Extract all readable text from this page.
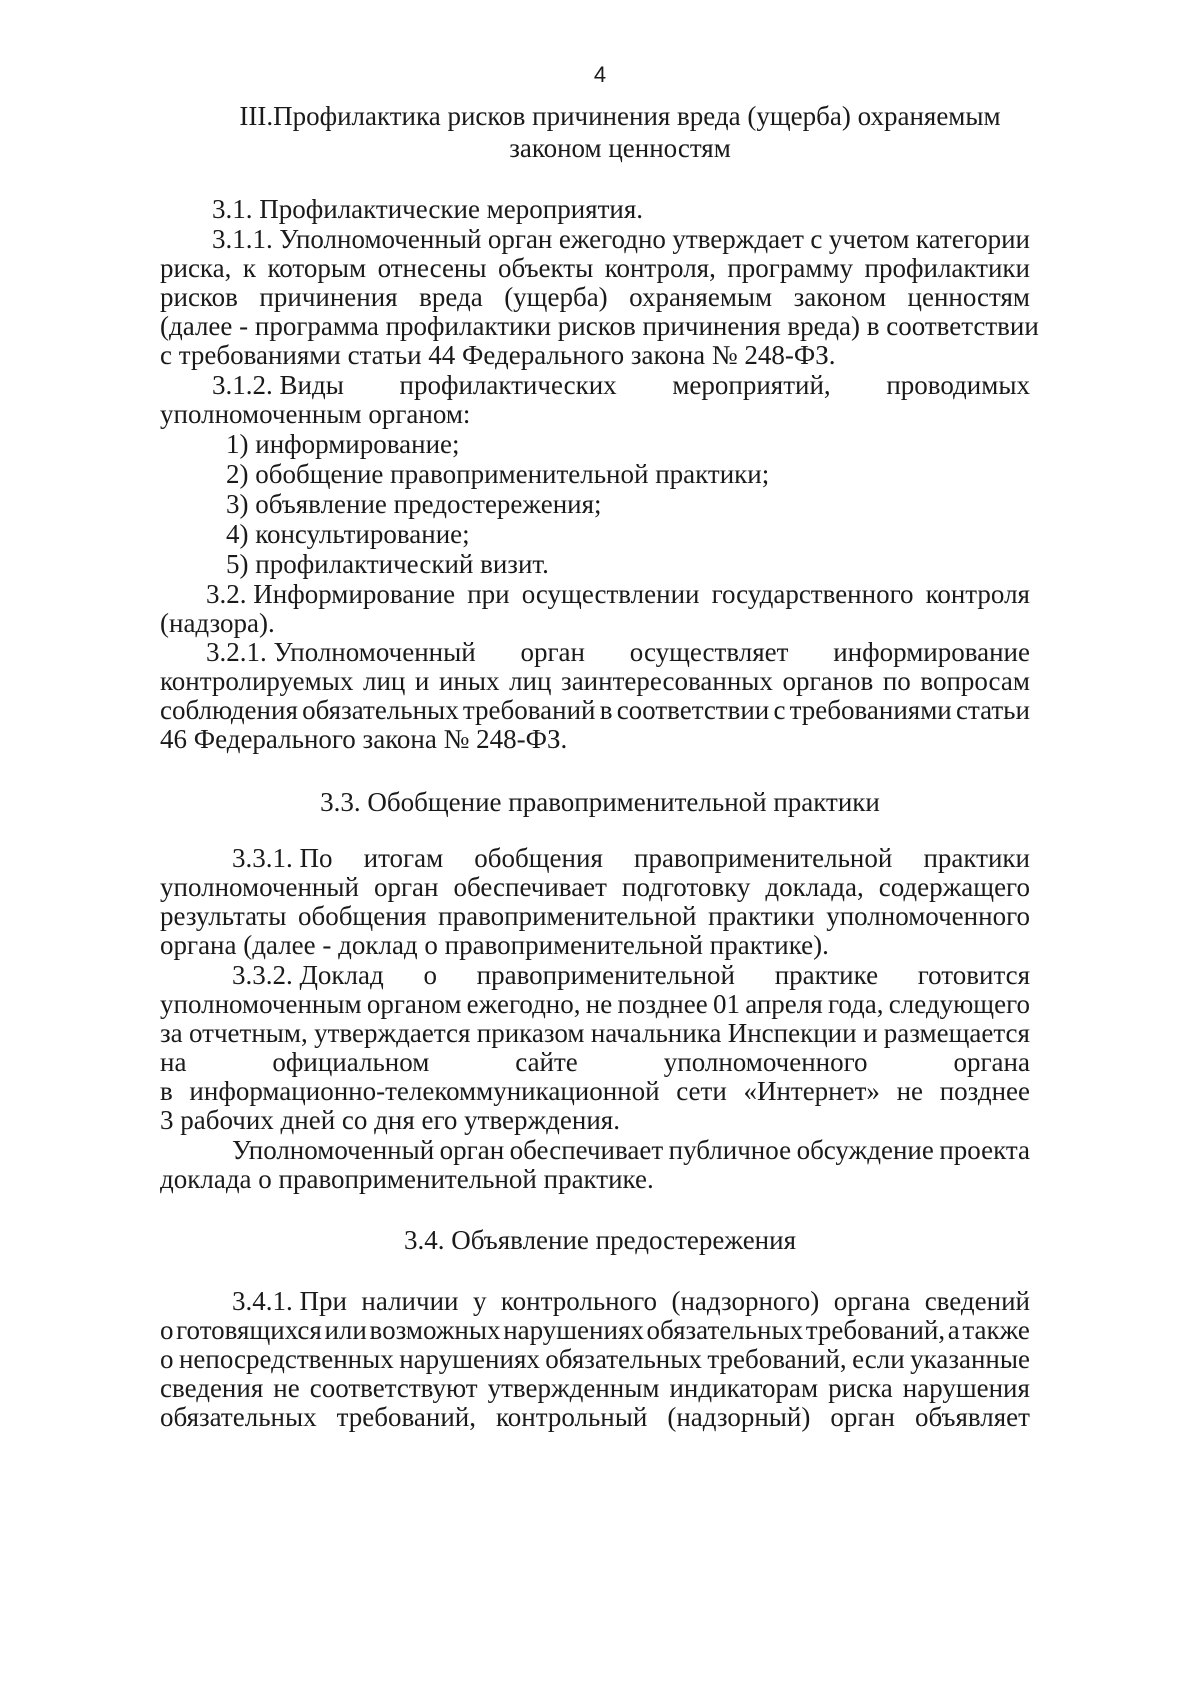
4
III.Профилактика рисков причинения вреда (ущерба) охраняемым
законом ценностям
3.1. Профилактические мероприятия.
3.1.1. Уполномоченный орган ежегодно утверждает с учетом категории
риска, к которым отнесены объекты контроля, программу профилактики
рисков причинения вреда (ущерба) охраняемым законом ценностям
(далее - программа профилактики рисков причинения вреда) в соответствии
с требованиями статьи 44 Федерального закона № 248-ФЗ.
3.1.2. Виды профилактических мероприятий, проводимых
уполномоченным органом:
1) информирование;
2) обобщение правоприменительной практики;
3) объявление предостережения;
4) консультирование;
5) профилактический визит.
3.2. Информирование при осуществлении государственного контроля
(надзора).
3.2.1. Уполномоченный орган осуществляет информирование
контролируемых лиц и иных лиц заинтересованных органов по вопросам
соблюдения обязательных требований в соответствии с требованиями статьи
46 Федерального закона № 248-ФЗ.
3.3. Обобщение правоприменительной практики
3.3.1. По итогам обобщения правоприменительной практики
уполномоченный орган обеспечивает подготовку доклада, содержащего
результаты обобщения правоприменительной практики уполномоченного
органа (далее - доклад о правоприменительной практике).
3.3.2. Доклад о правоприменительной практике готовится
уполномоченным органом ежегодно, не позднее 01 апреля года, следующего
за отчетным, утверждается приказом начальника Инспекции и размещается
на	официальном	сайте	уполномоченного	органа
в информационно-телекоммуникационной сети «Интернет» не позднее
3 рабочих дней со дня его утверждения.
Уполномоченный орган обеспечивает публичное обсуждение проекта
доклада о правоприменительной практике.
3.4. Объявление предостережения
3.4.1. При наличии у контрольного (надзорного) органа сведений
о готовящихся или возможных нарушениях обязательных требований, а также
о непосредственных нарушениях обязательных требований, если указанные
сведения не соответствуют утвержденным индикаторам риска нарушения
обязательных требований, контрольный (надзорный) орган объявляет
